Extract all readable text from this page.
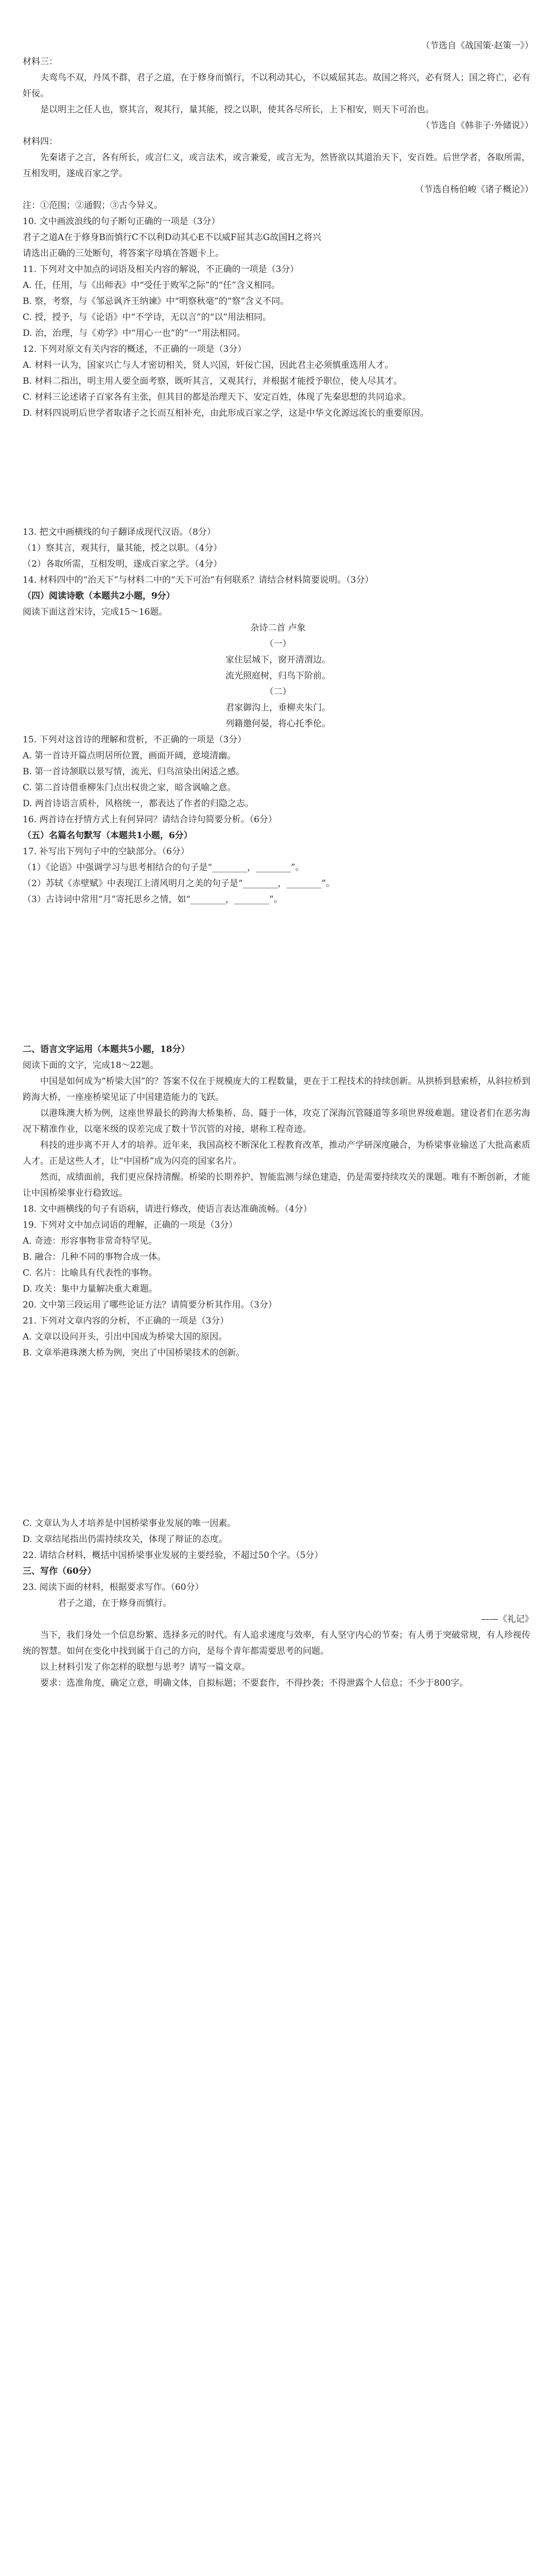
（节选自《战国策·赵策一》）

材料三：

夫鸾鸟不双，丹凤不群，君子之道，在于修身而慎行，不以利动其心，不以威屈其志。故国之将兴，必有贤人；国之将亡，必有奸佞。

是以明主之任人也，察其言，观其行，量其能，授之以职，使其各尽所长，上下相安，则天下可治也。

（节选自《韩非子·外储说》）

材料四：

先秦诸子之言，各有所长，或言仁义，或言法术，或言兼爱，或言无为，然皆欲以其道治天下，安百姓。后世学者，各取所需，互相发明，遂成百家之学。

（节选自杨伯峻《诸子概论》）

注：①范围；②通假；③古今异义。

10. 文中画波浪线的句子断句正确的一项是（3分）

君子之道A在于修身B而慎行C不以利D动其心E不以威F屈其志G故国H之将兴

请选出正确的三处断句，将答案字母填在答题卡上。

11. 下列对文中加点的词语及相关内容的解说，不正确的一项是（3分）

A. 任，任用，与《出师表》中“受任于败军之际”的“任”含义相同。

B. 察，考察，与《邹忌讽齐王纳谏》中“明察秋毫”的“察”含义不同。

C. 授，授予，与《论语》中“不学诗，无以言”的“以”用法相同。

D. 治，治理，与《劝学》中“用心一也”的“一”用法相同。

12. 下列对原文有关内容的概述，不正确的一项是（3分）

A. 材料一认为，国家兴亡与人才密切相关，贤人兴国，奸佞亡国，因此君主必须慎重选用人才。

B. 材料二指出，明主用人要全面考察，既听其言，又观其行，并根据才能授予职位，使人尽其才。

C. 材料三论述诸子百家各有主张，但其目的都是治理天下、安定百姓，体现了先秦思想的共同追求。

D. 材料四说明后世学者取诸子之长而互相补充，由此形成百家之学，这是中华文化源远流长的重要原因。

13. 把文中画横线的句子翻译成现代汉语。（8分）

（1）察其言，观其行，量其能，授之以职。（4分）

（2）各取所需，互相发明，遂成百家之学。（4分）

14. 材料四中的“治天下”与材料二中的“天下可治”有何联系？请结合材料简要说明。（3分）

（四）阅读诗歌（本题共2小题，9分）

阅读下面这首宋诗，完成15～16题。

杂诗二首 卢象

（一）

家住层城下，窗开清渭边。

流光照庭树，归鸟下阶前。

（二）

君家御沟上，垂柳夹朱门。

列籍邀何晏，将心托季伦。

15. 下列对这首诗的理解和赏析，不正确的一项是（3分）

A. 第一首诗开篇点明居所位置，画面开阔，意境清幽。

B. 第一首诗颔联以景写情，流光、归鸟渲染出闲适之感。

C. 第二首诗借垂柳朱门点出权贵之家，暗含讽喻之意。

D. 两首诗语言质朴，风格统一，都表达了作者的归隐之志。

16. 两首诗在抒情方式上有何异同？请结合诗句简要分析。（6分）

（五）名篇名句默写（本题共1小题，6分）

17. 补写出下列句子中的空缺部分。（6分）

（1）《论语》中强调学习与思考相结合的句子是“________，________”。

（2）苏轼《赤壁赋》中表现江上清风明月之美的句子是“________，________”。

（3）古诗词中常用“月”寄托思乡之情，如“________，________”。

二、语言文字运用（本题共5小题，18分）

阅读下面的文字，完成18～22题。

中国是如何成为“桥梁大国”的？答案不仅在于规模庞大的工程数量，更在于工程技术的持续创新。从拱桥到悬索桥，从斜拉桥到跨海大桥，一座座桥梁见证了中国建造能力的飞跃。

以港珠澳大桥为例，这座世界最长的跨海大桥集桥、岛、隧于一体，攻克了深海沉管隧道等多项世界级难题。建设者们在恶劣海况下精准作业，以毫米级的误差完成了数十节沉管的对接，堪称工程奇迹。

科技的进步离不开人才的培养。近年来，我国高校不断深化工程教育改革，推动产学研深度融合，为桥梁事业输送了大批高素质人才。正是这些人才，让“中国桥”成为闪亮的国家名片。

然而，成绩面前，我们更应保持清醒。桥梁的长期养护、智能监测与绿色建造，仍是需要持续攻关的课题。唯有不断创新，才能让中国桥梁事业行稳致远。

18. 文中画横线的句子有语病，请进行修改，使语言表达准确流畅。（4分）

19. 下列对文中加点词语的理解，正确的一项是（3分）

A. 奇迹：形容事物非常奇特罕见。

B. 融合：几种不同的事物合成一体。

C. 名片：比喻具有代表性的事物。

D. 攻关：集中力量解决重大难题。

20. 文中第三段运用了哪些论证方法？请简要分析其作用。（3分）

21. 下列对文章内容的分析，不正确的一项是（3分）

A. 文章以设问开头，引出中国成为桥梁大国的原因。

B. 文章举港珠澳大桥为例，突出了中国桥梁技术的创新。

C. 文章认为人才培养是中国桥梁事业发展的唯一因素。

D. 文章结尾指出仍需持续攻关，体现了辩证的态度。

22. 请结合材料，概括中国桥梁事业发展的主要经验，不超过50个字。（5分）

三、写作（60分）

23. 阅读下面的材料，根据要求写作。（60分）

君子之道，在于修身而慎行。

——《礼记》

当下，我们身处一个信息纷繁、选择多元的时代。有人追求速度与效率，有人坚守内心的节奏；有人勇于突破常规，有人珍视传统的智慧。如何在变化中找到属于自己的方向，是每个青年都需要思考的问题。

以上材料引发了你怎样的联想与思考？请写一篇文章。

要求：选准角度，确定立意，明确文体，自拟标题；不要套作，不得抄袭；不得泄露个人信息；不少于800字。
